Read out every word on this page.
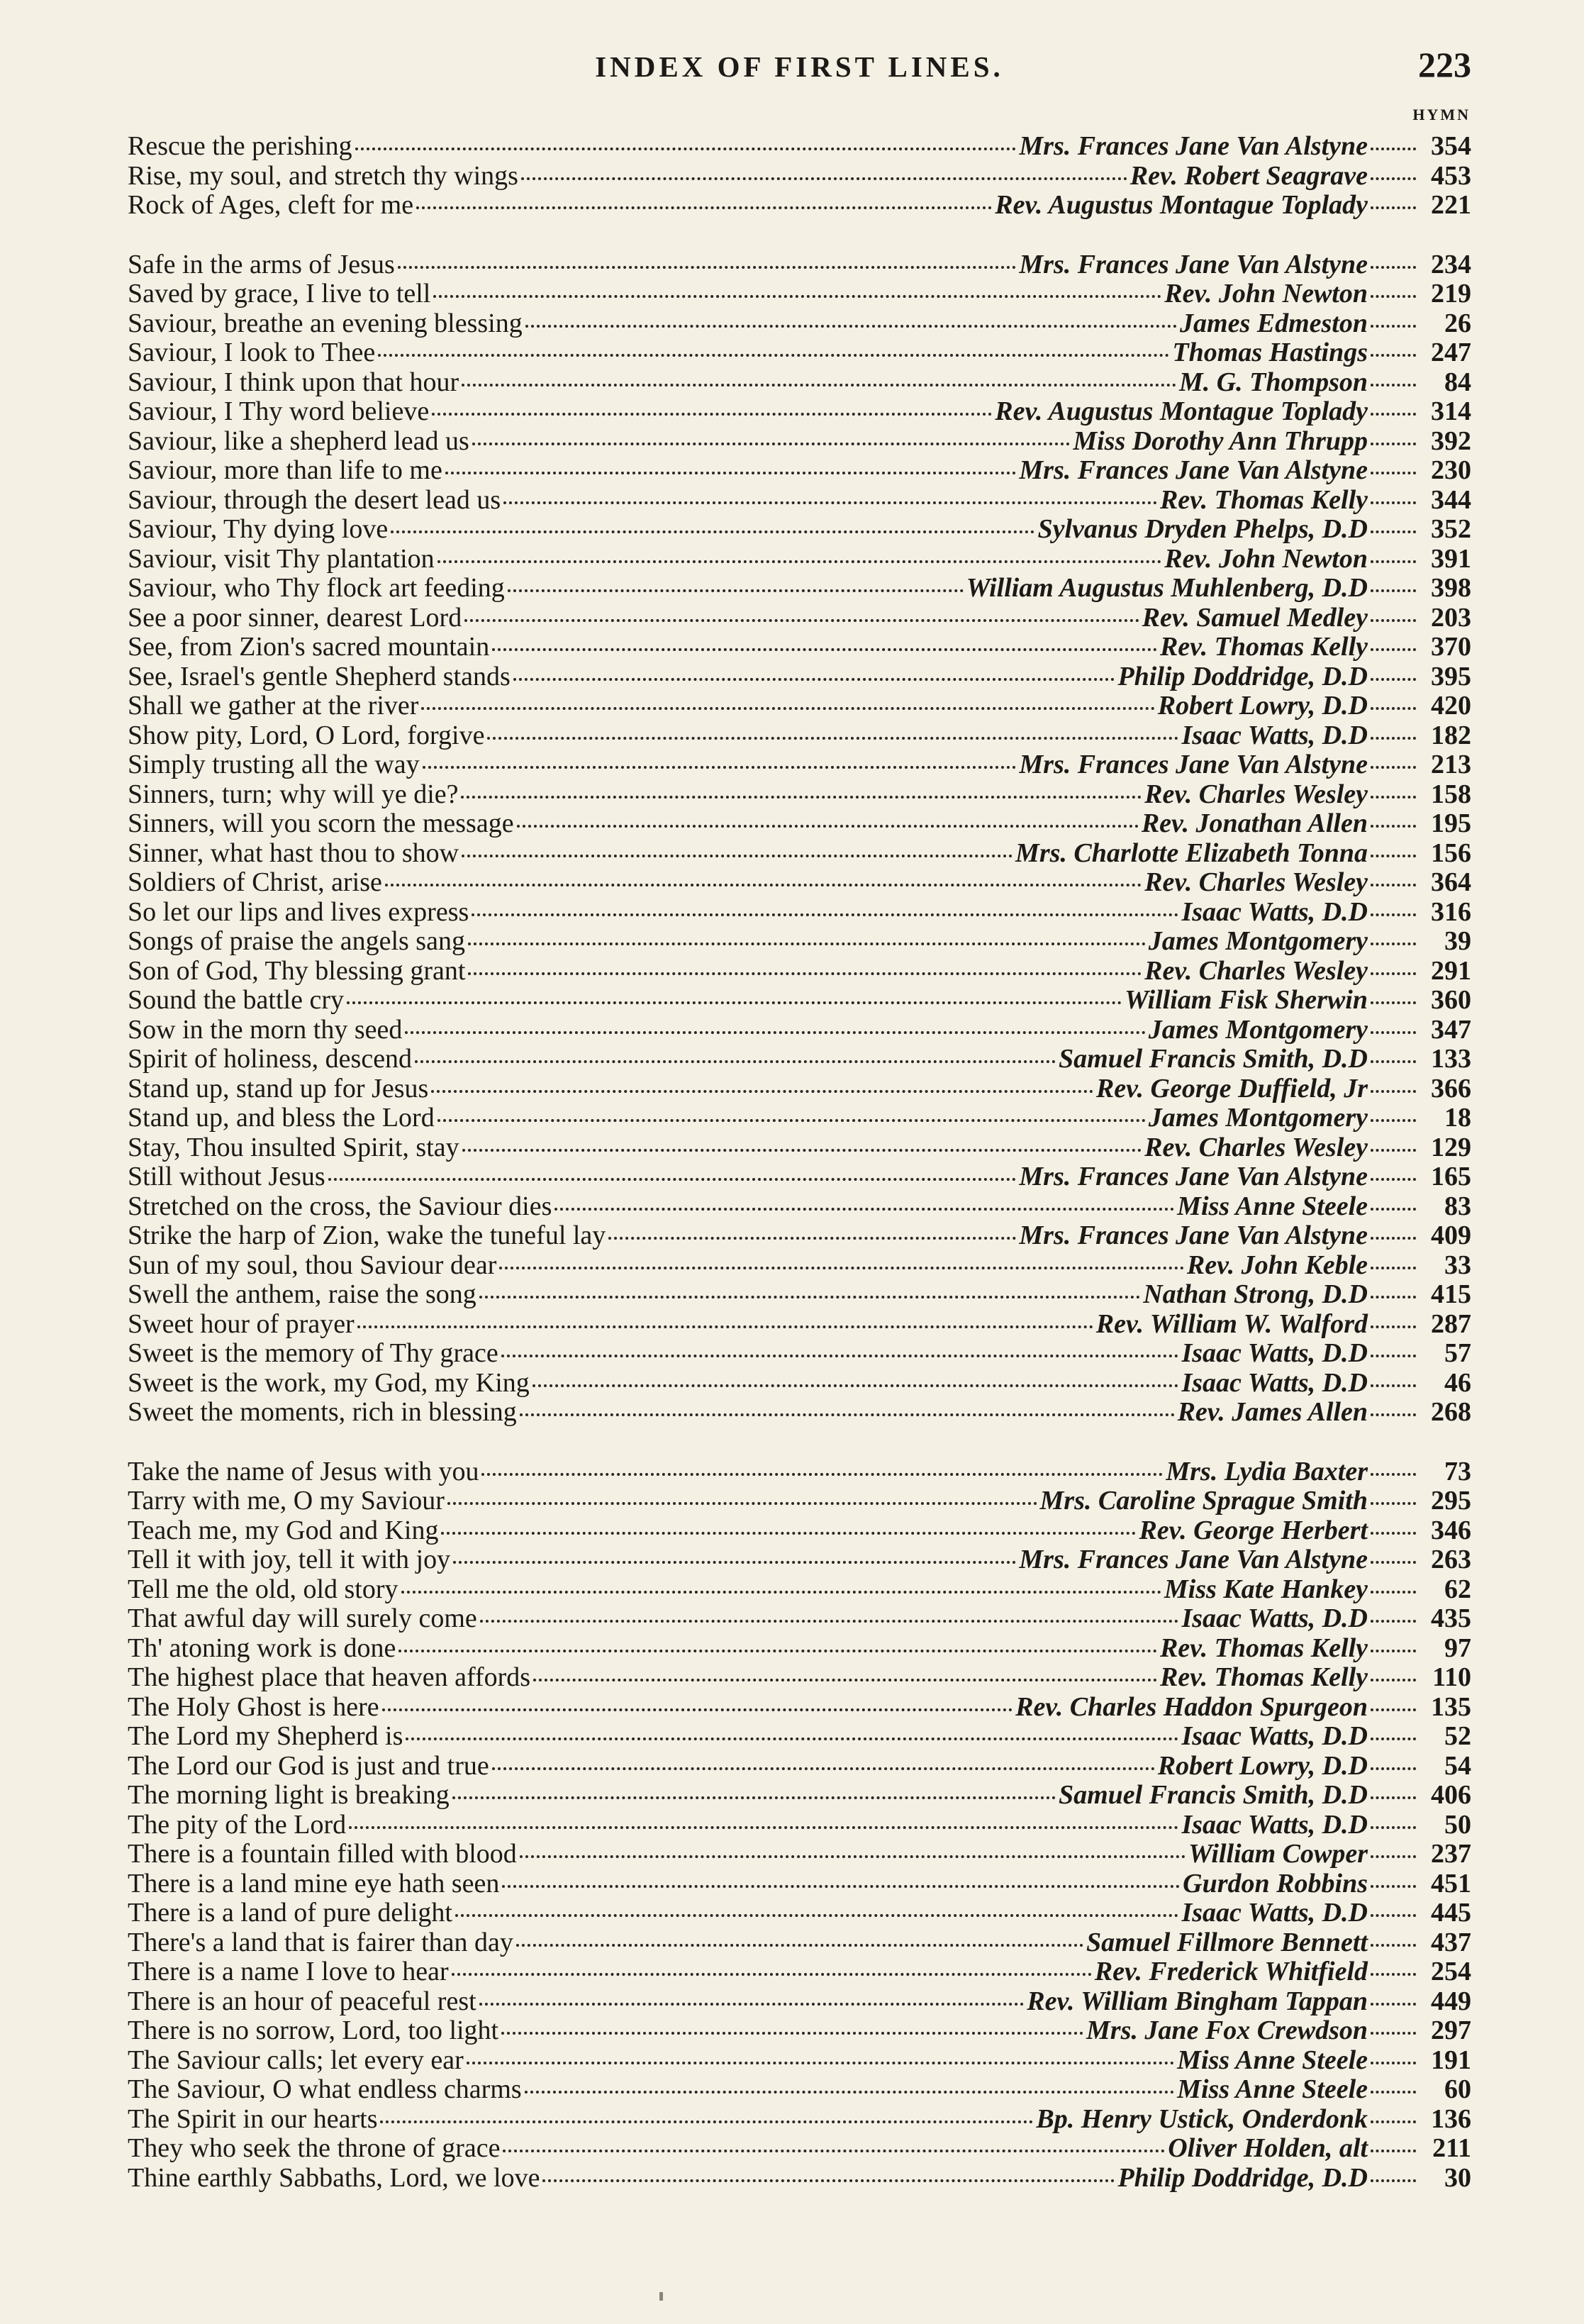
INDEX OF FIRST LINES.	223
HYMN
Rescue the perishing	Mrs. Frances Jane Van Alstyne	354
Rise, my soul, and stretch thy wings	Rev. Robert Seagrave	453
Rock of Ages, cleft for me	Rev. Augustus Montague Toplady	221
Safe in the arms of Jesus	Mrs. Frances Jane Van Alstyne	234
Saved by grace, I live to tell	Rev. John Newton	219
Saviour, breathe an evening blessing	James Edmeston	26
Saviour, I look to Thee	Thomas Hastings	247
Saviour, I think upon that hour	M. G. Thompson	84
Saviour, I Thy word believe	Rev. Augustus Montague Toplady	314
Saviour, like a shepherd lead us	Miss Dorothy Ann Thrupp	392
Saviour, more than life to me	Mrs. Frances Jane Van Alstyne	230
Saviour, through the desert lead us	Rev. Thomas Kelly	344
Saviour, Thy dying love	Sylvanus Dryden Phelps, D.D	352
Saviour, visit Thy plantation	Rev. John Newton	391
Saviour, who Thy flock art feeding	William Augustus Muhlenberg, D.D	398
See a poor sinner, dearest Lord	Rev. Samuel Medley	203
See, from Zion's sacred mountain	Rev. Thomas Kelly	370
See, Israel's gentle Shepherd stands	Philip Doddridge, D.D	395
Shall we gather at the river	Robert Lowry, D.D	420
Show pity, Lord, O Lord, forgive	Isaac Watts, D.D	182
Simply trusting all the way	Mrs. Frances Jane Van Alstyne	213
Sinners, turn; why will ye die?	Rev. Charles Wesley	158
Sinners, will you scorn the message	Rev. Jonathan Allen	195
Sinner, what hast thou to show	Mrs. Charlotte Elizabeth Tonna	156
Soldiers of Christ, arise	Rev. Charles Wesley	364
So let our lips and lives express	Isaac Watts, D.D	316
Songs of praise the angels sang	James Montgomery	39
Son of God, Thy blessing grant	Rev. Charles Wesley	291
Sound the battle cry	William Fisk Sherwin	360
Sow in the morn thy seed	James Montgomery	347
Spirit of holiness, descend	Samuel Francis Smith, D.D	133
Stand up, stand up for Jesus	Rev. George Duffield, Jr	366
Stand up, and bless the Lord	James Montgomery	18
Stay, Thou insulted Spirit, stay	Rev. Charles Wesley	129
Still without Jesus	Mrs. Frances Jane Van Alstyne	165
Stretched on the cross, the Saviour dies	Miss Anne Steele	83
Strike the harp of Zion, wake the tuneful lay	Mrs. Frances Jane Van Alstyne	409
Sun of my soul, thou Saviour dear	Rev. John Keble	33
Swell the anthem, raise the song	Nathan Strong, D.D	415
Sweet hour of prayer	Rev. William W. Walford	287
Sweet is the memory of Thy grace	Isaac Watts, D.D	57
Sweet is the work, my God, my King	Isaac Watts, D.D	46
Sweet the moments, rich in blessing	Rev. James Allen	268
Take the name of Jesus with you	Mrs. Lydia Baxter	73
Tarry with me, O my Saviour	Mrs. Caroline Sprague Smith	295
Teach me, my God and King	Rev. George Herbert	346
Tell it with joy, tell it with joy	Mrs. Frances Jane Van Alstyne	263
Tell me the old, old story	Miss Kate Hankey	62
That awful day will surely come	Isaac Watts, D.D	435
Th' atoning work is done	Rev. Thomas Kelly	97
The highest place that heaven affords	Rev. Thomas Kelly	110
The Holy Ghost is here	Rev. Charles Haddon Spurgeon	135
The Lord my Shepherd is	Isaac Watts, D.D	52
The Lord our God is just and true	Robert Lowry, D.D	54
The morning light is breaking	Samuel Francis Smith, D.D	406
The pity of the Lord	Isaac Watts, D.D	50
There is a fountain filled with blood	William Cowper	237
There is a land mine eye hath seen	Gurdon Robbins	451
There is a land of pure delight	Isaac Watts, D.D	445
There's a land that is fairer than day	Samuel Fillmore Bennett	437
There is a name I love to hear	Rev. Frederick Whitfield	254
There is an hour of peaceful rest	Rev. William Bingham Tappan	449
There is no sorrow, Lord, too light	Mrs. Jane Fox Crewdson	297
The Saviour calls; let every ear	Miss Anne Steele	191
The Saviour, O what endless charms	Miss Anne Steele	60
The Spirit in our hearts	Bp. Henry Ustick, Onderdonk	136
They who seek the throne of grace	Oliver Holden, alt	211
Thine earthly Sabbaths, Lord, we love	Philip Doddridge, D.D	30
